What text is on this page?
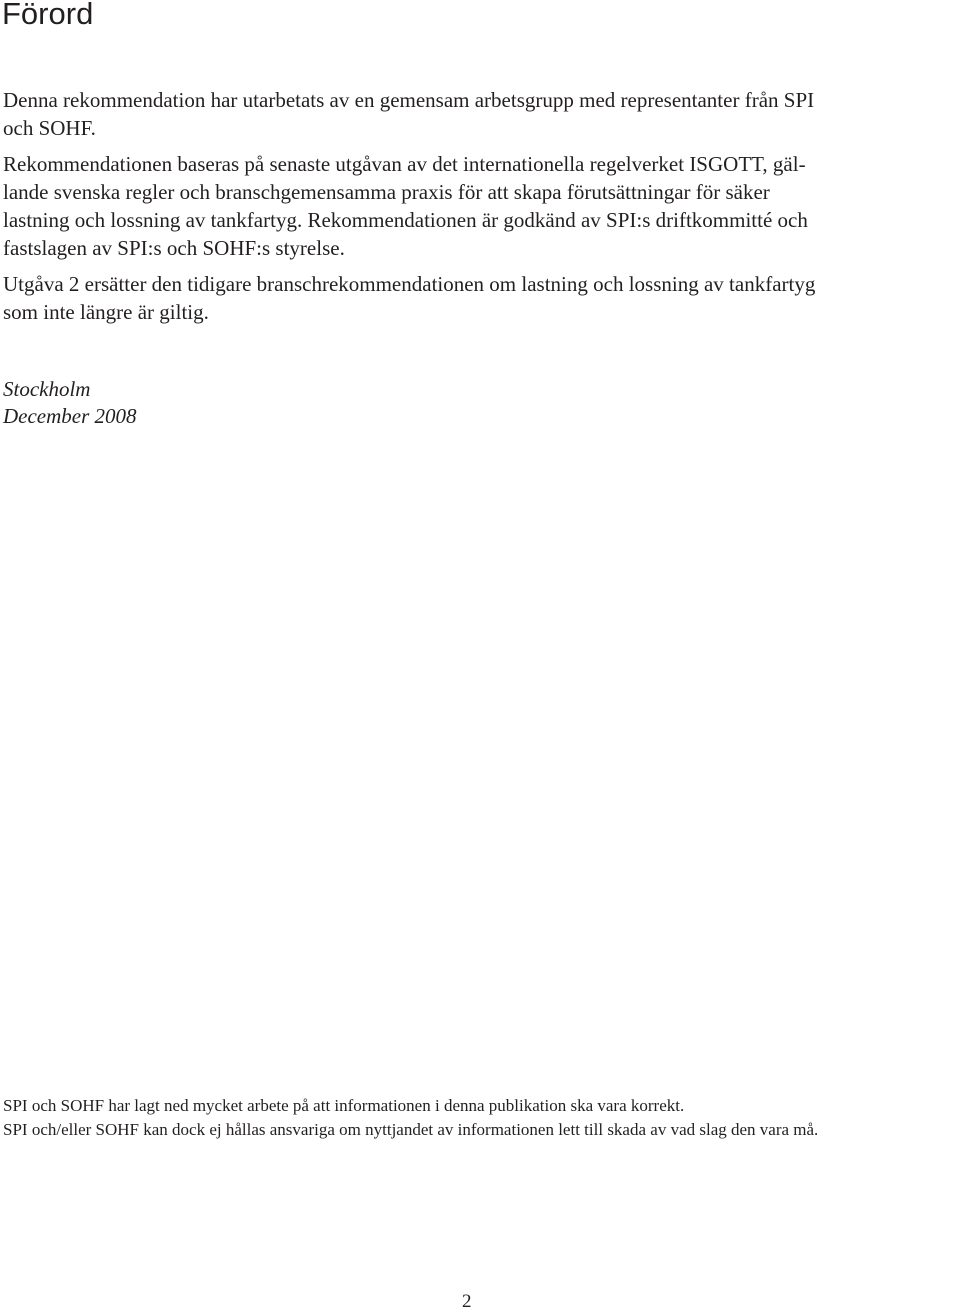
Förord

Denna rekommendation har utarbetats av en gemensam arbetsgrupp med representanter från SPI
och SOHF.

Rekommendationen baseras på senaste utgåvan av det internationella regelverket ISGOTT, gäl-
lande svenska regler och branschgemensamma praxis för att skapa förutsättningar för säker
lastning och lossning av tankfartyg. Rekommendationen är godkänd av SPI:s driftkommitté och
fastslagen av SPI:s och SOHF:s styrelse.

Utgåva 2 ersätter den tidigare branschrekommendationen om lastning och lossning av tankfartyg
som inte längre är giltig.

Stockholm
December 2008
SPI och SOHF har lagt ned mycket arbete på att informationen i denna publikation ska vara korrekt.
SPI och/eller SOHF kan dock ej hållas ansvariga om nyttjandet av informationen lett till skada av vad slag den vara må.
2
